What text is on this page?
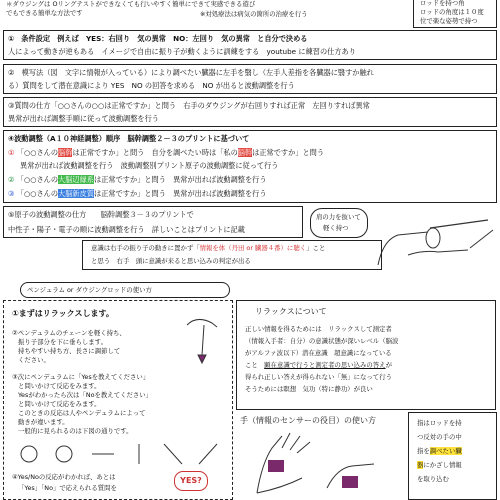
＊ダウジングは Oリングテストができなくても行いやすく簡単にできて実感できる遊び
でもできる簡単な方法です	※対処療法は病気の箇所の治療を行う
ロッドを持つ角
ロッドの角度は１０度
位で楽な姿勢で持つ
①　条件設定　例えば　YES：右回り　気の異常　NO：左回り　気の異常　と自分で決める
人によって動きが逆もある　イメージで自由に振り子が動くように訓練をする　youtube に練習の仕方あり
②　模写法（図　文字に情報が入っている）により調べたい臓器に左手を翳し（左手人差指を各臓器に翳すか触れ
る）質問をして潜在意識により YES　NO の回答を求める　NO が出ると波動調整を行う
③質問の仕方「○○さんの○○は正常ですか」と問う　右手のダウジングが右回りすれば正常　左回りすれば異常
異常が出れば調整手順に従って波動調整を行う
④波動調整（A１０神経調整）順序　脳幹調整２－３のプリントに基づいて
① 「○○さんの脳幹は正常ですか」と問う　自分を調べたい時は「私の脳幹は正常ですか」と問う
異常が出れば波動調整を行う　波動調整別プリント原子の波動調整に従って行う
② 「○○さんの大脳辺縁系は正常ですか」と問う　異常が出れば波動調整を行う
③ 「○○さんの大脳新皮質は正常ですか」と問う　異常が出れば波動調整を行う
⑤原子の波動調整の仕方　　脳幹調整３－３のプリントで
中性子・陽子・電子の順に波動調整を行う　詳しいことはプリントに記載
肩の力を抜いて
軽く持つ
意識は右手の振り子の動きに置かず「情報を体（丹田 or 臓器４番）に聴く」こと
と思う　右手　頭に意識が来ると思い込みの判定が出る
ペンジュラム or ダウジングロッドの使い方
①まずはリラックスします。
②ペンデュラムのチェーンを軽く持ち、
振り子部分を下に垂らします。
持ちやすい持ち方、長さに調節して
ください。
③次にペンデュラムに「Yesを教えてください」
と問いかけて反応をみます。
Yesがわかったら次は「Noを教えてください」
と問いかけて反応をみます。
このときの反応は人やペンデュラムによって
動きが違います。
一般的に見られるのは下図の通りです。
④Yes/Noの反応がわかれば、あとは
「Yes」「No」で応えられる質問を
YES?
リラックスについて
正しい情報を得るためには　リラックスして測定者
（情報入手者：自分）の意識状態が深いレベル（脳波
がアルファ波以下）潜在意識　超意識になっている
こと　顕在意識で行うと測定者の思い込みの答えが
得られ正しい答えが得られない「無」になって行う
そうためには瞑想　気功（特に静功）が良い
手（情報のセンサーの役目）の使い方	指はロッドを持
つ反対の手の中
指を調べたい臓
器にかざし情報
を取り込む
